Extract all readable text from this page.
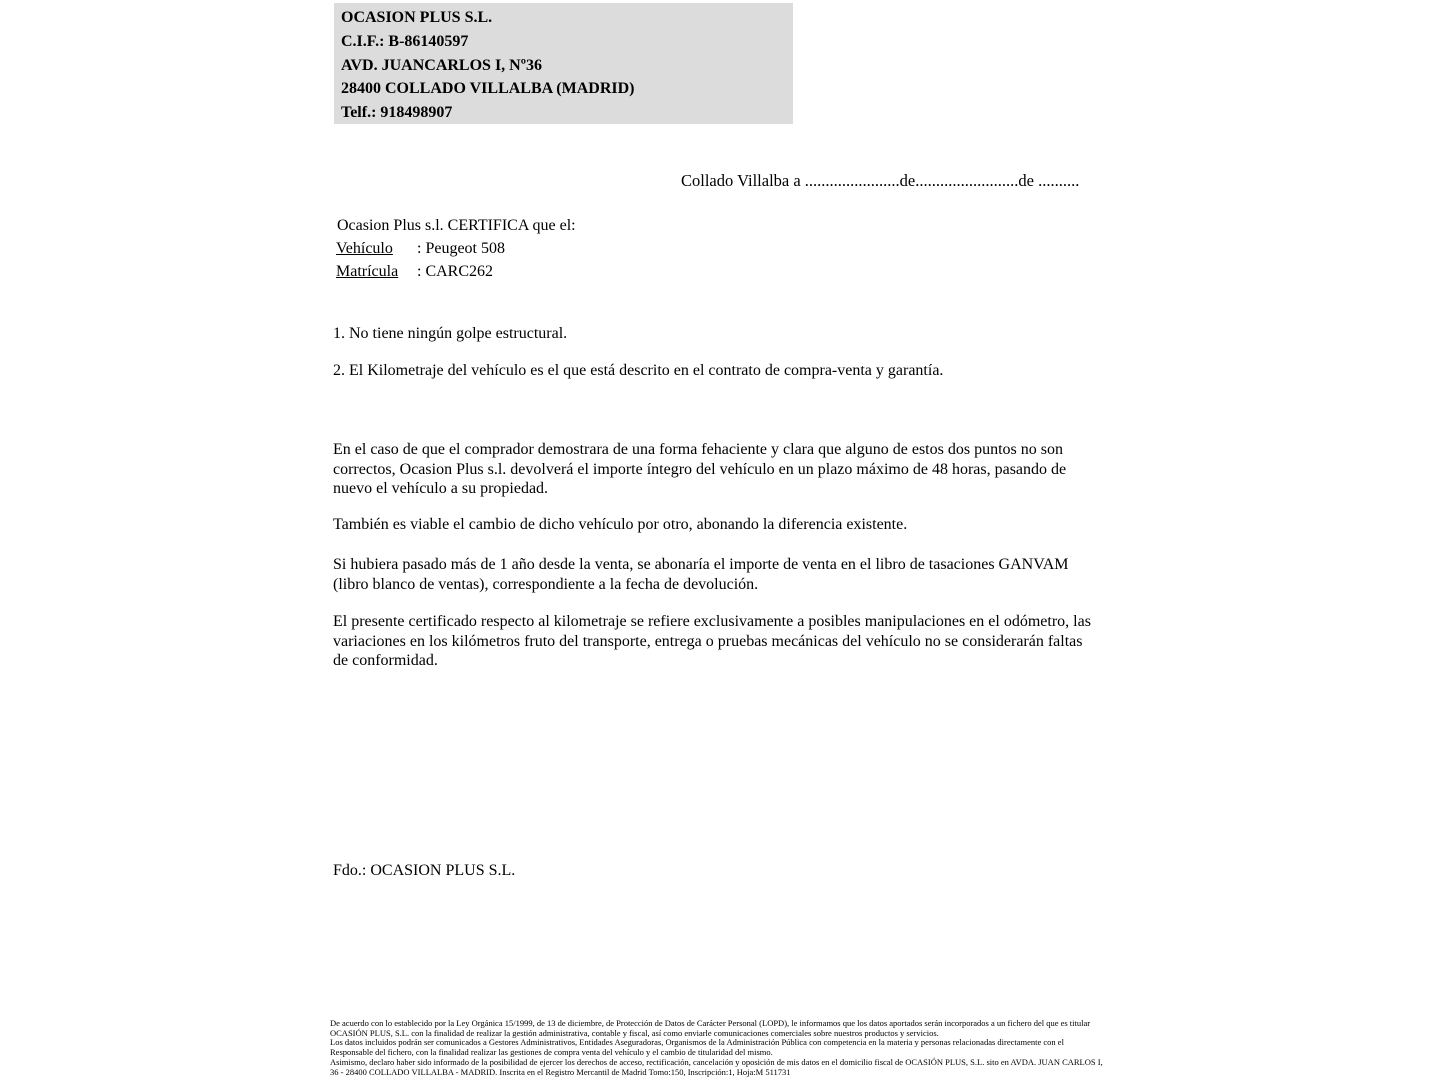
OCASION PLUS S.L.
C.I.F.: B-86140597
AVD. JUANCARLOS I, Nº36
28400 COLLADO VILLALBA (MADRID)
Telf.: 918498907
Collado Villalba a .......................de.........................de ..........
Ocasion Plus s.l. CERTIFICA que el:
Vehículo : Peugeot 508
Matrícula : CARC262
1. No tiene ningún golpe estructural.
2. El Kilometraje del vehículo es el que está descrito en el contrato de compra-venta y garantía.
En el caso de que el comprador demostrara de una forma fehaciente y clara que alguno de estos dos puntos no son correctos, Ocasion Plus s.l. devolverá el importe íntegro del vehículo en un plazo máximo de 48 horas, pasando de nuevo el vehículo a su propiedad.
También es viable el cambio de dicho vehículo por otro, abonando la diferencia existente.
Si hubiera pasado más de 1 año desde la venta, se abonaría el importe de venta en el libro de tasaciones GANVAM (libro blanco de ventas), correspondiente a la fecha de devolución.
El presente certificado respecto al kilometraje se refiere exclusivamente a posibles manipulaciones en el odómetro, las variaciones en los kilómetros fruto del transporte, entrega o pruebas mecánicas del vehículo no se considerarán faltas de conformidad.
Fdo.: OCASION PLUS S.L.

De acuerdo con lo establecido por la Ley Orgánica 15/1999, de 13 de diciembre, de Protección de Datos de Carácter Personal (LOPD), le informamos que los datos aportados serán incorporados a un fichero del que es titular OCASIÓN PLUS, S.L. con la finalidad de realizar la gestión administrativa, contable y fiscal, así como enviarle comunicaciones comerciales sobre nuestros productos y servicios.

Los datos incluidos podrán ser comunicados a Gestores Administrativos, Entidades Aseguradoras, Organismos de la Administración Pública con competencia en la materia y personas relacionadas directamente con el Responsable del fichero, con la finalidad realizar las gestiones de compra venta del vehículo y el cambio de titularidad del mismo.

Asimismo, declaro haber sido informado de la posibilidad de ejercer los derechos de acceso, rectificación, cancelación y oposición de mis datos en el domicilio fiscal de OCASIÓN PLUS, S.L. sito en AVDA. JUAN CARLOS I, 36 - 28400 COLLADO VILLALBA - MADRID. Inscrita en el Registro Mercantil de Madrid Tomo:150, Inscripción:1, Hoja:M 511731
